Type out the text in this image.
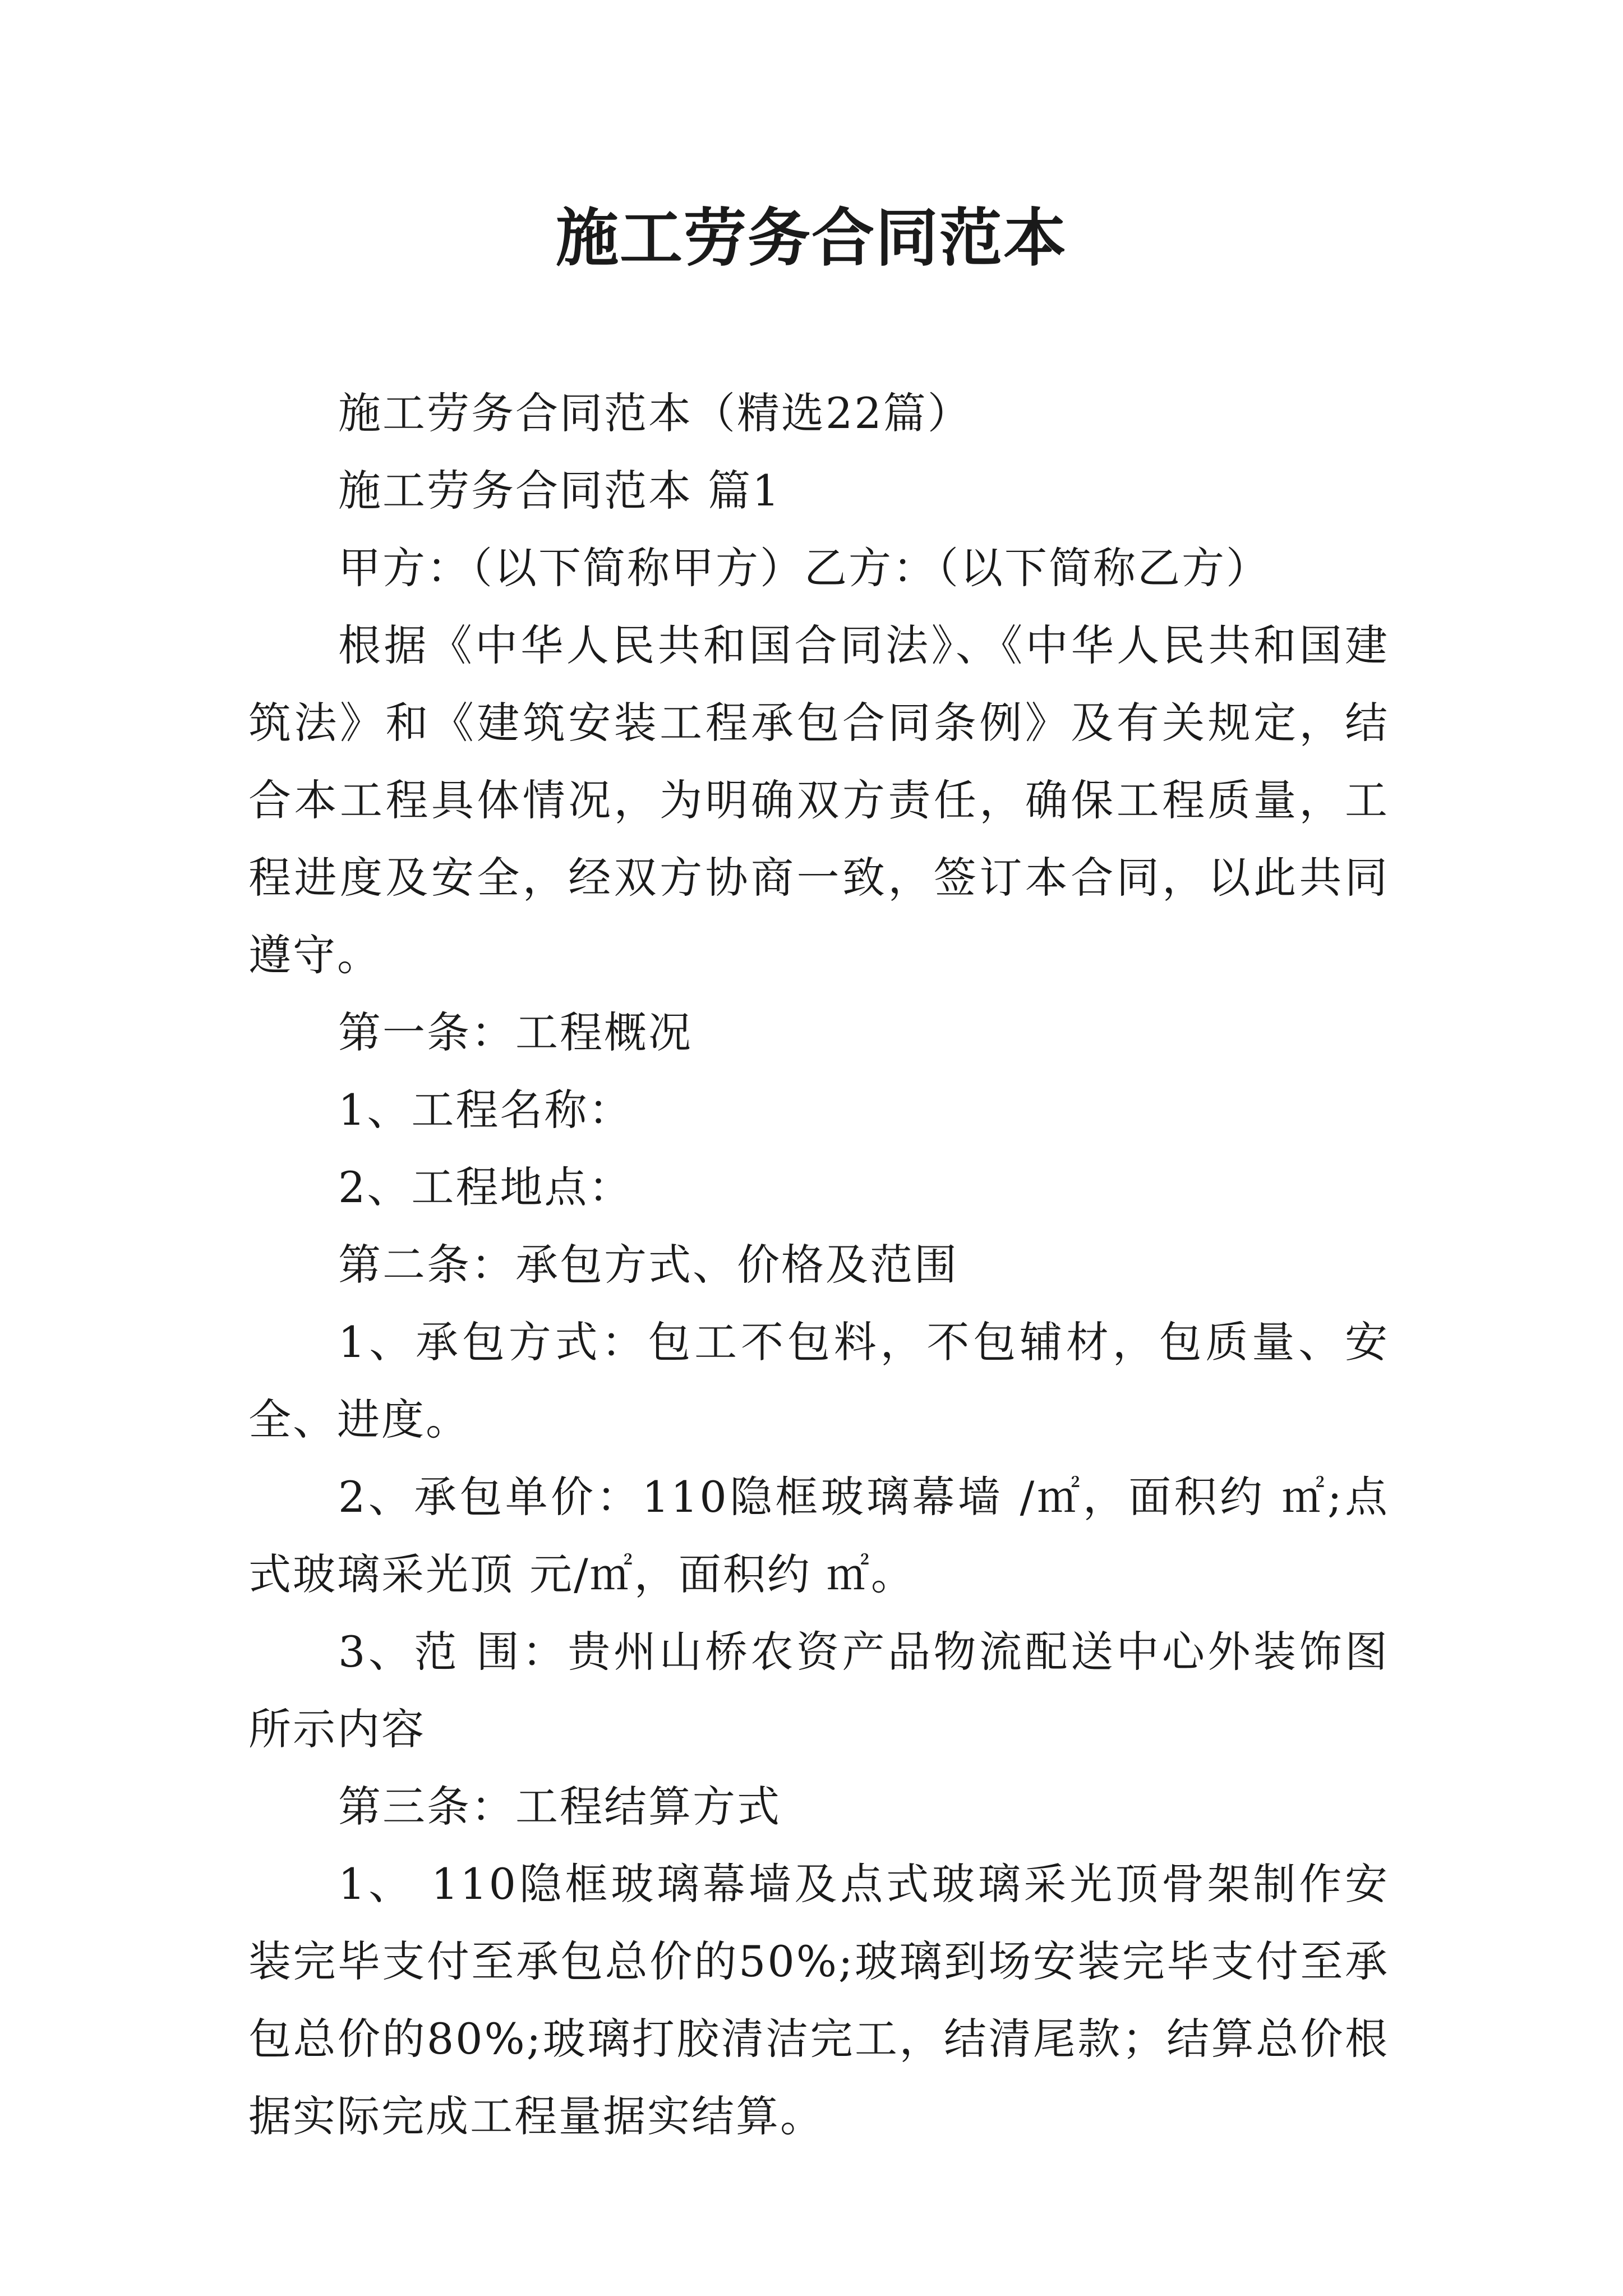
施工劳务合同范本

施工劳务合同范本（精选22篇）

施工劳务合同范本 篇1

甲方：（以下简称甲方）乙方：（以下简称乙方）

根据《中华人民共和国合同法》、《中华人民共和国建筑法》和《建筑安装工程承包合同条例》及有关规定，结合本工程具体情况，为明确双方责任，确保工程质量，工程进度及安全，经双方协商一致，签订本合同，以此共同遵守。

第一条：工程概况

1、工程名称：

2、工程地点：

第二条：承包方式、价格及范围

1、承包方式：包工不包料，不包辅材，包质量、安全、进度。

2、承包单价：110隐框玻璃幕墙 /㎡，面积约 ㎡;点式玻璃采光顶 元/㎡，面积约 ㎡。

3、范 围：贵州山桥农资产品物流配送中心外装饰图所示内容

第三条：工程结算方式

1、 110隐框玻璃幕墙及点式玻璃采光顶骨架制作安装完毕支付至承包总价的50%;玻璃到场安装完毕支付至承包总价的80%;玻璃打胶清洁完工，结清尾款；结算总价根据实际完成工程量据实结算。
